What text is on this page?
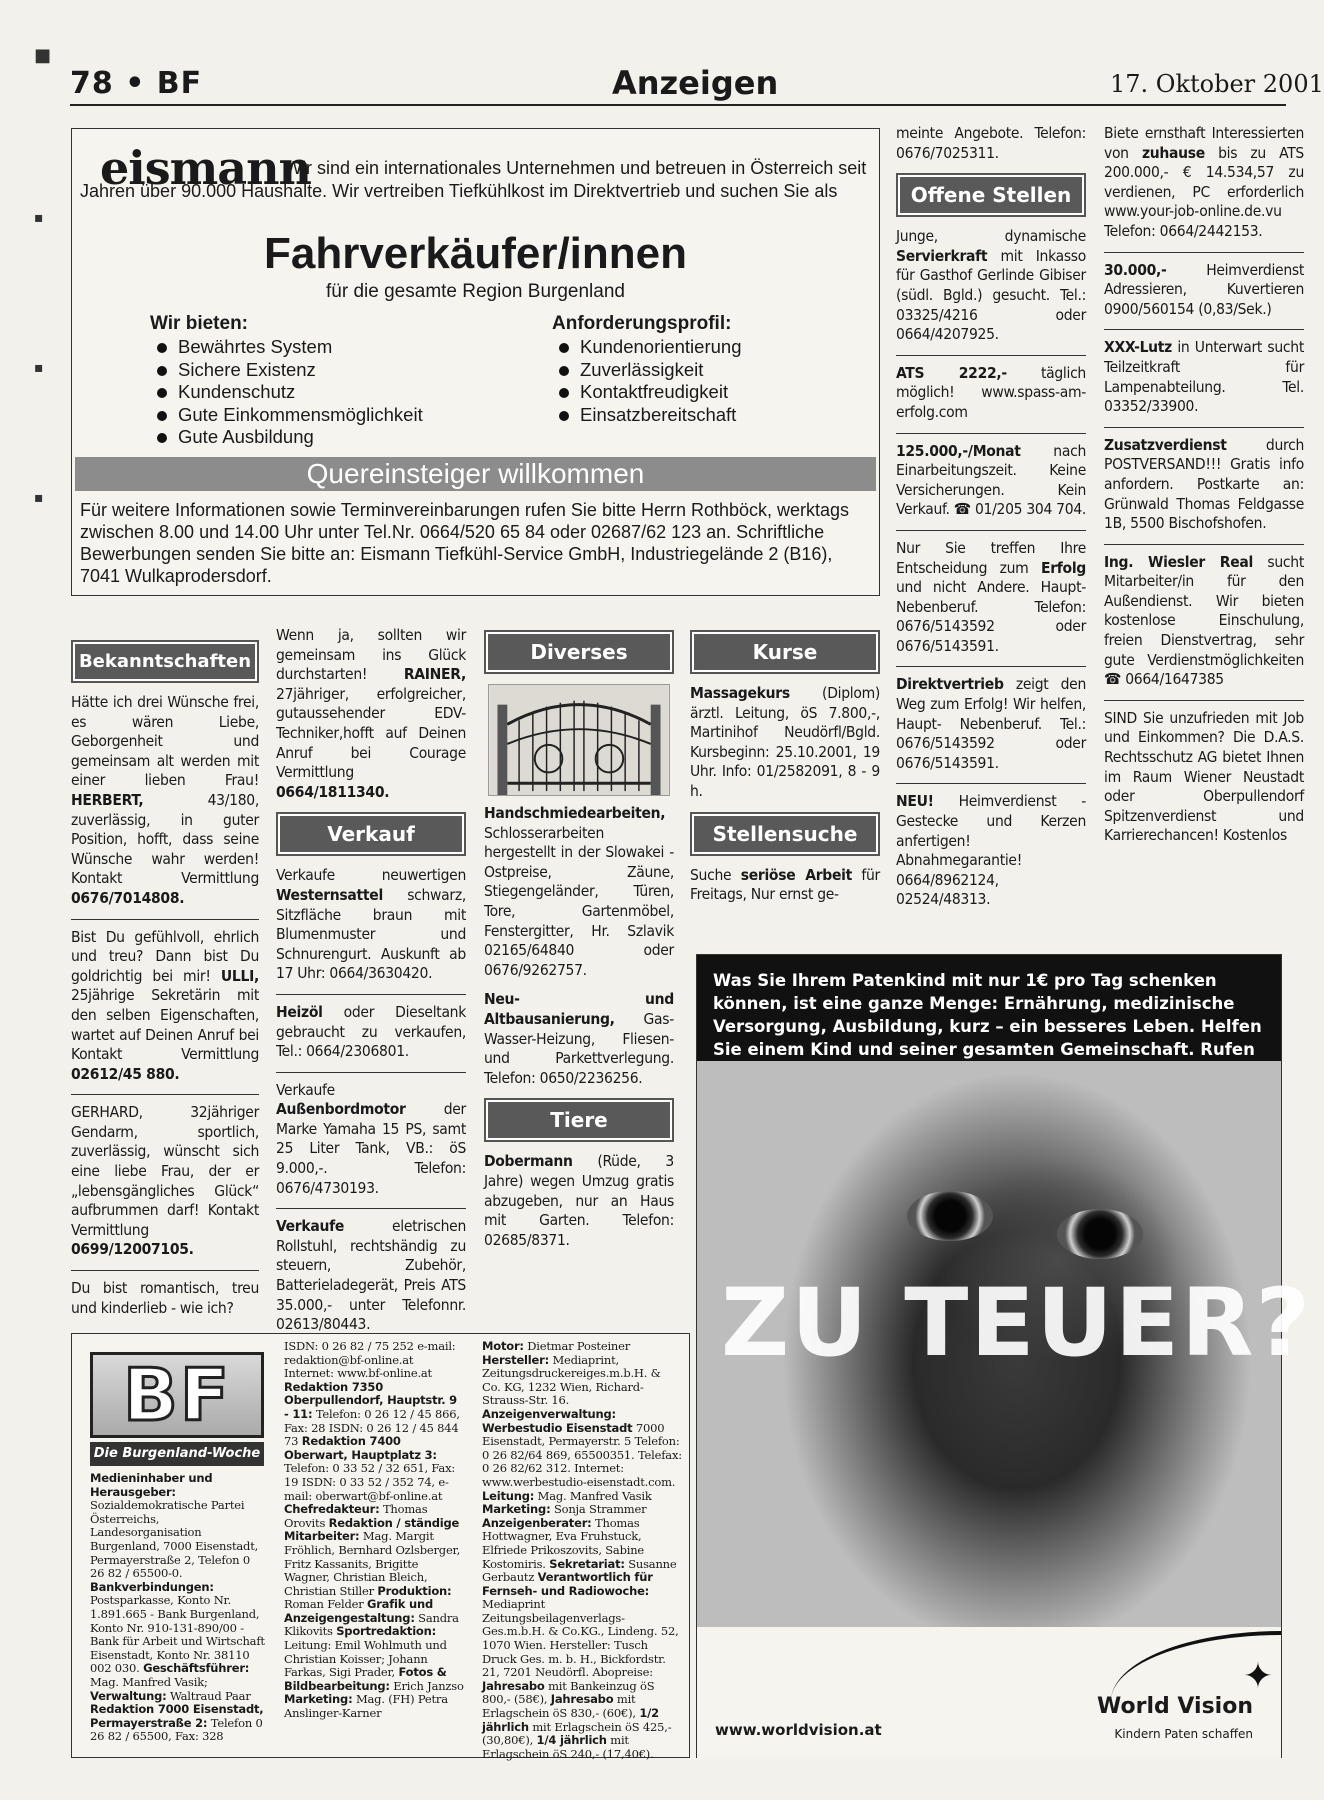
78 • BF	Anzeigen	17. Oktober 2001
■
▪
▪
▪
Wir sind ein internationales Unternehmen und betreuen in Österreich seit Jahren über 90.000 Haushalte. Wir vertreiben Tiefkühlkost im Direktvertrieb und suchen Sie als
eismann
Fahrverkäufer/innen
für die gesamte Region Burgenland
Wir bieten:
Bewährtes System
Sichere Existenz
Kundenschutz
Gute Einkommensmöglichkeit
Gute Ausbildung
Anforderungsprofil:
Kundenorientierung
Zuverlässigkeit
Kontaktfreudigkeit
Einsatzbereitschaft
Quereinsteiger willkommen
Für weitere Informationen sowie Terminvereinbarungen rufen Sie bitte Herrn Rothböck, werktags zwischen 8.00 und 14.00 Uhr unter Tel.Nr. 0664/520 65 84 oder 02687/62 123 an. Schriftliche Bewerbungen senden Sie bitte an: Eismann Tiefkühl-Service GmbH, Industriegelände 2 (B16), 7041 Wulkaprodersdorf.
Bekanntschaften

Hätte ich drei Wünsche frei, es wären Liebe, Geborgenheit und gemeinsam alt werden mit einer lieben Frau! HERBERT,	43/180, zuverlässig, in guter Position, hofft, dass seine Wünsche wahr werden! Kontakt Vermittlung 0676/7014808.

Bist Du gefühlvoll, ehrlich und treu? Dann bist Du goldrichtig bei mir! ULLI, 25jährige Sekretärin mit den selben Eigenschaften, wartet auf Deinen Anruf bei Kontakt Vermittlung 02612/45 880.

GERHARD, 32jähriger Gendarm, sportlich, zuverlässig, wünscht sich eine liebe Frau, der er „lebensgängliches Glück“ aufbrummen darf! Kontakt Vermittlung 0699/12007105.

Du bist romantisch, treu und kinderlieb - wie ich?

Wenn ja, sollten wir gemeinsam ins Glück durchstarten! RAINER, 27jähriger, erfolgreicher, gutaussehender EDV-Techniker,hofft auf Deinen Anruf bei Courage Vermittlung 0664/1811340.

Verkauf

Verkaufe neuwertigen Westernsattel schwarz, Sitzfläche braun mit Blumenmuster und Schnurengurt. Auskunft ab 17 Uhr: 0664/3630420.

Heizöl oder Dieseltank gebraucht zu verkaufen, Tel.: 0664/2306801.

Verkaufe Außenbordmotor der Marke Yamaha 15 PS, samt 25 Liter Tank, VB.: öS 9.000,-. Telefon: 0676/4730193.

Verkaufe	eletrischen Rollstuhl, rechtshändig zu steuern, Zubehör, Batterieladegerät, Preis ATS 35.000,- unter Telefonnr. 02613/80443.

Diverses

Handschmiedearbeiten, Schlosserarbeiten hergestellt in der Slowakei - Ostpreise, Zäune, Stiegengeländer, Türen, Tore, Gartenmöbel, Fenstergitter, Hr. Szlavik 02165/64840 oder 0676/9262757.

Neu- und Altbausanierung, Gas-Wasser-Heizung, Fliesen- und Parkettverlegung. Telefon: 0650/2236256.

Tiere

Dobermann (Rüde, 3 Jahre) wegen Umzug gratis abzugeben, nur an Haus mit Garten. Telefon: 02685/8371.

Kurse

Massagekurs (Diplom) ärztl. Leitung, öS 7.800,-, Martinihof Neudörfl/Bgld. Kursbeginn: 25.10.2001, 19 Uhr. Info: 01/2582091, 8 - 9 h.

Stellensuche

Suche seriöse Arbeit für Freitags, Nur ernst ge-

meinte Angebote. Telefon: 0676/7025311.

Offene Stellen

Junge, dynamische Servierkraft mit Inkasso für Gasthof Gerlinde Gibiser (südl. Bgld.) gesucht. Tel.: 03325/4216 oder 0664/4207925.

ATS 2222,- täglich möglich! www.spass-am-erfolg.com

125.000,-/Monat nach Einarbeitungszeit. Keine Versicherungen. Kein Verkauf. ☎ 01/205 304 704.

Nur Sie treffen Ihre Entscheidung zum Erfolg und nicht Andere. Haupt-Nebenberuf. Telefon: 0676/5143592 oder 0676/5143591.

Direktvertrieb zeigt den Weg zum Erfolg! Wir helfen, Haupt- Nebenberuf. Tel.: 0676/5143592 oder 0676/5143591.

NEU! Heimverdienst - Gestecke und Kerzen anfertigen! Abnahmegarantie! 0664/8962124, 02524/48313.

Biete ernsthaft Interessierten von zuhause bis zu ATS 200.000,- € 14.534,57 zu verdienen, PC erforderlich www.your-job-online.de.vu Telefon: 0664/2442153.

30.000,-	Heimverdienst Adressieren, Kuvertieren 0900/560154 (0,83/Sek.)

XXX-Lutz in Unterwart sucht Teilzeitkraft für Lampenabteilung. Tel. 03352/33900.

Zusatzverdienst	durch POSTVERSAND!!! Gratis info anfordern. Postkarte an: Grünwald Thomas Feldgasse 1B, 5500 Bischofshofen.

Ing. Wiesler Real sucht Mitarbeiter/in für den Außendienst. Wir bieten kostenlose Einschulung, freien Dienstvertrag, sehr gute Verdienstmöglichkeiten ☎ 0664/1647385

SIND Sie unzufrieden mit Job und Einkommen? Die D.A.S. Rechtsschutz AG bietet Ihnen im Raum Wiener Neustadt oder Oberpullendorf Spitzenverdienst und Karrierechancen! Kostenlos

BF
Die Burgenland-Woche
Medieninhaber und Herausgeber: Sozialdemokratische Partei Österreichs, Landesorganisation Burgenland, 7000 Eisenstadt, Permayerstraße 2, Telefon 0 26 82 / 65500-0. Bankverbindungen: Postsparkasse, Konto Nr. 1.891.665 - Bank Burgenland, Konto Nr. 910-131-890/00 - Bank für Arbeit und Wirtschaft Eisenstadt, Konto Nr. 38110 002 030. Geschäftsführer: Mag. Manfred Vasik; Verwaltung: Waltraud Paar Redaktion 7000 Eisenstadt, Permayerstraße 2: Telefon 0 26 82 / 65500, Fax: 328
ISDN: 0 26 82 / 75 252 e-mail: redaktion@bf-online.at Internet: www.bf-online.at Redaktion 7350 Oberpullendorf, Hauptstr. 9 - 11: Telefon: 0 26 12 / 45 866, Fax: 28 ISDN: 0 26 12 / 45 844 73 Redaktion 7400 Oberwart, Hauptplatz 3: Telefon: 0 33 52 / 32 651, Fax: 19 ISDN: 0 33 52 / 352 74, e-mail: oberwart@bf-online.at Chefredakteur: Thomas Orovits Redaktion / ständige Mitarbeiter: Mag. Margit Fröhlich, Bernhard Ozlsberger, Fritz Kassanits, Brigitte Wagner, Christian Bleich, Christian Stiller Produktion: Roman Felder Grafik und Anzeigengestaltung: Sandra Klikovits Sportredaktion: Leitung: Emil Wohlmuth und Christian Koisser; Johann Farkas, Sigi Prader, Fotos & Bildbearbeitung: Erich Janzso Marketing: Mag. (FH) Petra Anslinger-Karner
Motor: Dietmar Posteiner Hersteller: Mediaprint, Zeitungsdruckereiges.m.b.H. & Co. KG, 1232 Wien, Richard-Strauss-Str. 16. Anzeigenverwaltung: Werbestudio Eisenstadt 7000 Eisenstadt, Permayerstr. 5 Telefon: 0 26 82/64 869, 65500351. Telefax: 0 26 82/62 312. Internet: www.werbestudio-eisenstadt.com. Leitung: Mag. Manfred Vasik Marketing: Sonja Strammer Anzeigenberater: Thomas Hottwagner, Eva Fruhstuck, Elfriede Prikoszovits, Sabine Kostomiris. Sekretariat: Susanne Gerbautz Verantwortlich für Fernseh- und Radiowoche: Mediaprint Zeitungsbeilagenverlags-Ges.m.b.H. & Co.KG., Lindeng. 52, 1070 Wien. Hersteller: Tusch Druck Ges. m. b. H., Bickfordstr. 21, 7201 Neudörfl. Abopreise: Jahresabo mit Bankeinzug öS 800,- (58€), Jahresabo mit Erlagschein öS 830,- (60€), 1/2 jährlich mit Erlagschein öS 425,- (30,80€), 1/4 jährlich mit Erlagschein öS 240,- (17,40€).
Was Sie Ihrem Patenkind mit nur 1€ pro Tag schenken können, ist eine ganze Menge: Ernährung, medizinische Versorgung, Ausbildung, kurz – ein besseres Leben. Helfen Sie einem Kind und seiner gesamten Gemeinschaft. Rufen
ZU TEUER?
✦
www.worldvision.at
World Vision
Kindern Paten schaffen
